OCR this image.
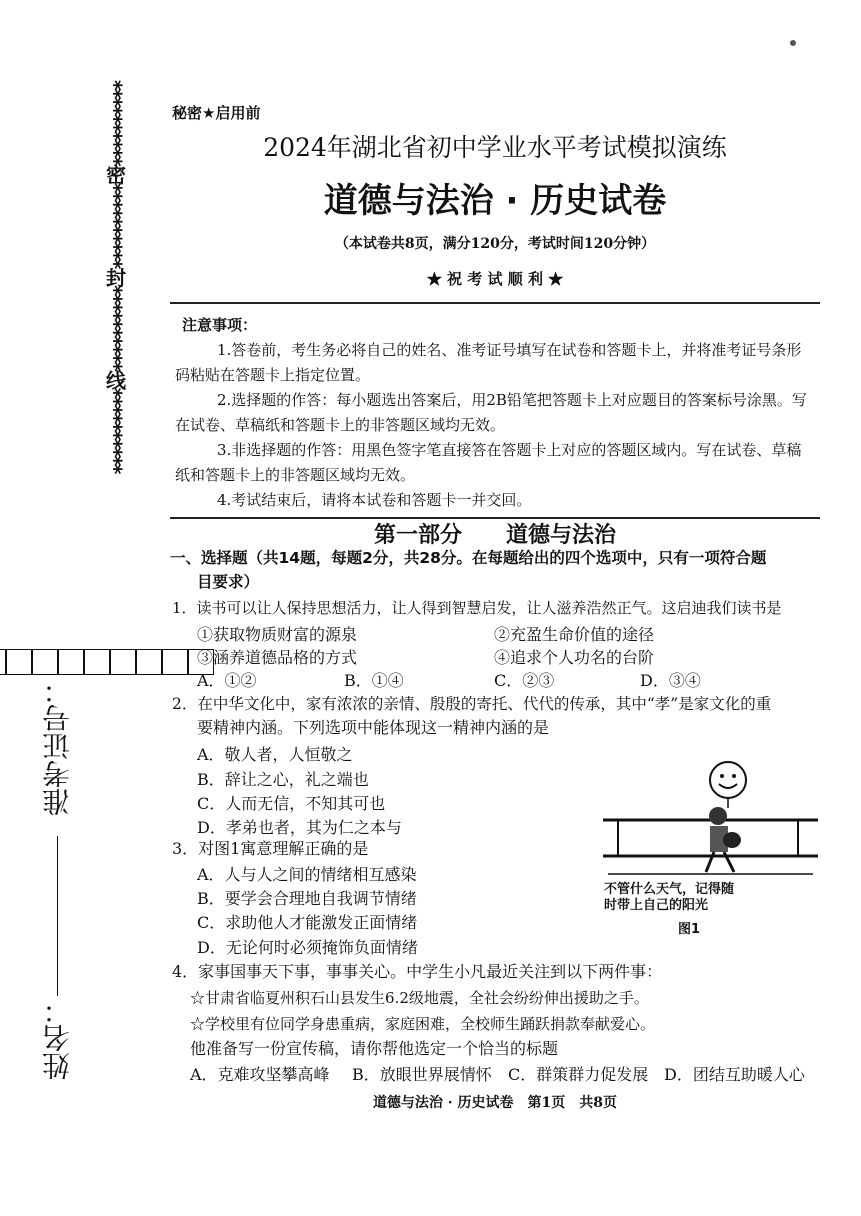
姓名：
准考证号：
**********密**********封**********线**********	秘密★启用前
2024年湖北省初中学业水平考试模拟演练
道德与法治 · 历史试卷
（本试卷共8页，满分120分，考试时间120分钟）
★ 祝 考 试 顺 利 ★
注意事项：
1.答卷前，考生务必将自己的姓名、准考证号填写在试卷和答题卡上，并将准考证号条形码粘贴在答题卡上指定位置。
2.选择题的作答：每小题选出答案后，用2B铅笔把答题卡上对应题目的答案标号涂黑。写在试卷、草稿纸和答题卡上的非答题区域均无效。
3.非选择题的作答：用黑色签字笔直接答在答题卡上对应的答题区域内。写在试卷、草稿纸和答题卡上的非答题区域均无效。
4.考试结束后，请将本试卷和答题卡一并交回。
第一部分　　道德与法治
一、选择题（共14题，每题2分，共28分。在每题给出的四个选项中，只有一项符合题
目要求）
1．读书可以让人保持思想活力，让人得到智慧启发，让人滋养浩然正气。这启迪我们读书是
①获取物质财富的源泉	②充盈生命价值的途径
③涵养道德品格的方式	④追求个人功名的台阶
A．①②	B．①④	C．②③	D．③④
2．在中华文化中，家有浓浓的亲情、殷殷的寄托、代代的传承，其中“孝”是家文化的重
要精神内涵。下列选项中能体现这一精神内涵的是
A．敬人者，人恒敬之
B．辞让之心，礼之端也
C．人而无信，不知其可也
D．孝弟也者，其为仁之本与
3．对图1寓意理解正确的是
A．人与人之间的情绪相互感染
B．要学会合理地自我调节情绪
C．求助他人才能激发正面情绪
D．无论何时必须掩饰负面情绪
不管什么天气，记得随
时带上自己的阳光
图1
4．家事国事天下事，事事关心。中学生小凡最近关注到以下两件事：
☆甘肃省临夏州积石山县发生6.2级地震，全社会纷纷伸出援助之手。
☆学校里有位同学身患重病，家庭困难，全校师生踊跃捐款奉献爱心。
他准备写一份宣传稿，请你帮他选定一个恰当的标题
A．克难攻坚攀高峰 B．放眼世界展情怀 C．群策群力促发展 D．团结互助暖人心
道德与法治 · 历史试卷　第1页　共8页
